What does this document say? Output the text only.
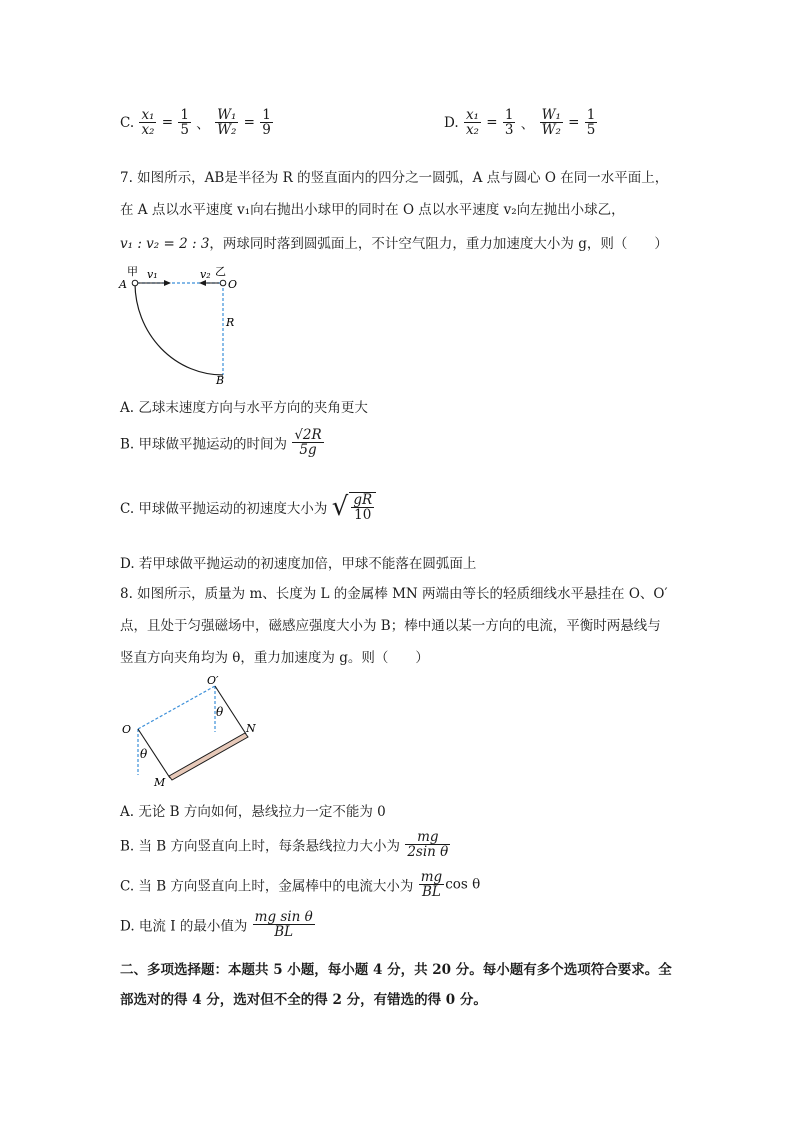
C. $\frac{\text{x₁}}{\text{x₂}} = \frac{1}{5}$ 、 $\frac{\text{W₁}}{\text{W₂}} = \frac{1}{9}$	D. $\frac{\text{x₁}}{\text{x₂}} = \frac{1}{3}$ 、 $\frac{\text{W₁}}{\text{W₂}} = \frac{1}{5}$
7. 如图所示，AB是半径为 R 的竖直面内的四分之一圆弧，A 点与圆心 O 在同一水平面上，
在 A 点以水平速度 v₁向右抛出小球甲的同时在 O 点以水平速度 v₂向左抛出小球乙，
v₁ : v₂ = 2 : 3，两球同时落到圆弧面上，不计空气阻力，重力加速度大小为 g，则（　　）
甲 v₁	v₂ 乙
A	O
R
B
A. 乙球末速度方向与水平方向的夹角更大
B. 甲球做平抛运动的时间为 $\frac{√2R}{5g}$
C. 甲球做平抛运动的初速度大小为 √ $\frac{gR}{10}$
D. 若甲球做平抛运动的初速度加倍，甲球不能落在圆弧面上
8. 如图所示，质量为 m、长度为 L 的金属棒 MN 两端由等长的轻质细线水平悬挂在 O、O′
点，且处于匀强磁场中，磁感应强度大小为 B；棒中通以某一方向的电流，平衡时两悬线与
竖直方向夹角均为 θ，重力加速度为 g。则（　　）
O
O′
θ
θ
M
N
A. 无论 B 方向如何，悬线拉力一定不能为 0
B. 当 B 方向竖直向上时，每条悬线拉力大小为 $\frac{mg}{\text{2sin θ}}$
C. 当 B 方向竖直向上时，金属棒中的电流大小为 $\frac{mg}{BL}$ cos θ
D. 电流 I 的最小值为 $\frac{\text{mg sin θ}}{BL}$
二、多项选择题：本题共 5 小题，每小题 4 分，共 20 分。每小题有多个选项符合要求。全
部选对的得 4 分，选对但不全的得 2 分，有错选的得 0 分。
